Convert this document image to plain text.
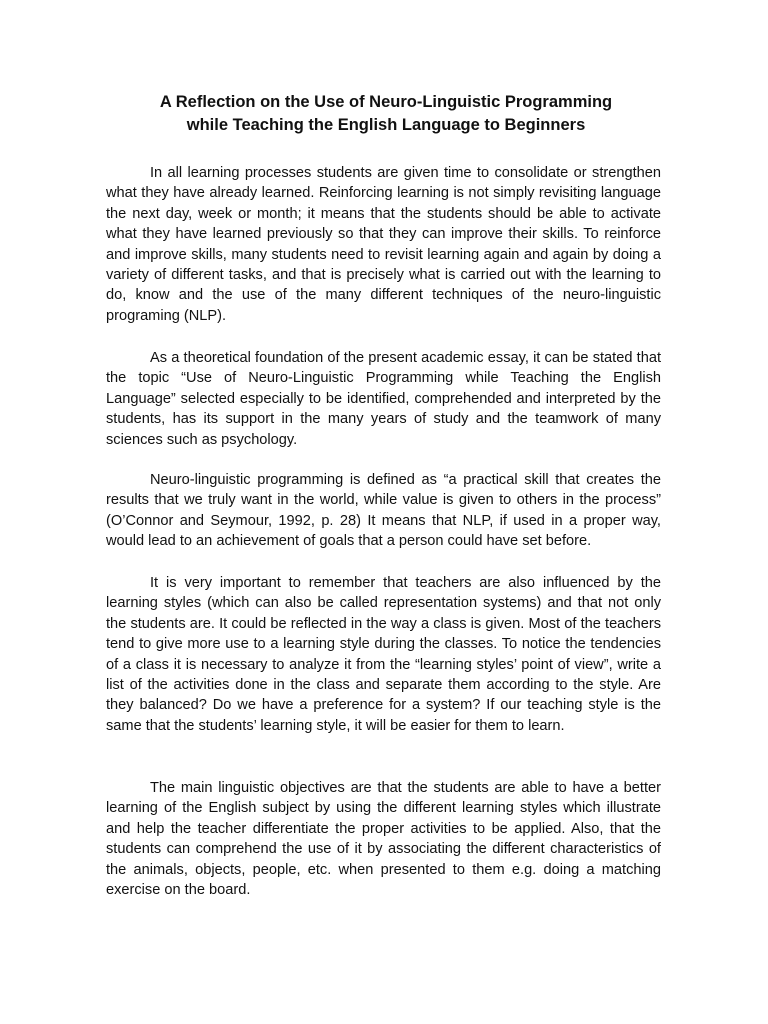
A Reflection on the Use of Neuro-Linguistic Programming
while Teaching the English Language to Beginners

In all learning processes students are given time to consolidate or strengthen what they have already learned. Reinforcing learning is not simply revisiting language the next day, week or month; it means that the students should be able to activate what they have learned previously so that they can improve their skills. To reinforce and improve skills, many students need to revisit learning again and again by doing a variety of different tasks, and that is precisely what is carried out with the learning to do, know and the use of the many different techniques of the neuro-linguistic programing (NLP).

As a theoretical foundation of the present academic essay, it can be stated that the topic “Use of Neuro-Linguistic Programming while Teaching the English Language” selected especially to be identified, comprehended and interpreted by the students, has its support in the many years of study and the teamwork of many sciences such as psychology.

Neuro-linguistic programming is defined as “a practical skill that creates the results that we truly want in the world, while value is given to others in the process” (O’Connor and Seymour, 1992, p. 28) It means that NLP, if used in a proper way, would lead to an achievement of goals that a person could have set before.

It is very important to remember that teachers are also influenced by the learning styles (which can also be called representation systems) and that not only the students are. It could be reflected in the way a class is given. Most of the teachers tend to give more use to a learning style during the classes. To notice the tendencies of a class it is necessary to analyze it from the “learning styles’ point of view”, write a list of the activities done in the class and separate them according to the style. Are they balanced? Do we have a preference for a system? If our teaching style is the same that the students’ learning style, it will be easier for them to learn.

The main linguistic objectives are that the students are able to have a better learning of the English subject by using the different learning styles which illustrate and help the teacher differentiate the proper activities to be applied. Also, that the students can comprehend the use of it by associating the different characteristics of the animals, objects, people, etc. when presented to them e.g. doing a matching exercise on the board.
